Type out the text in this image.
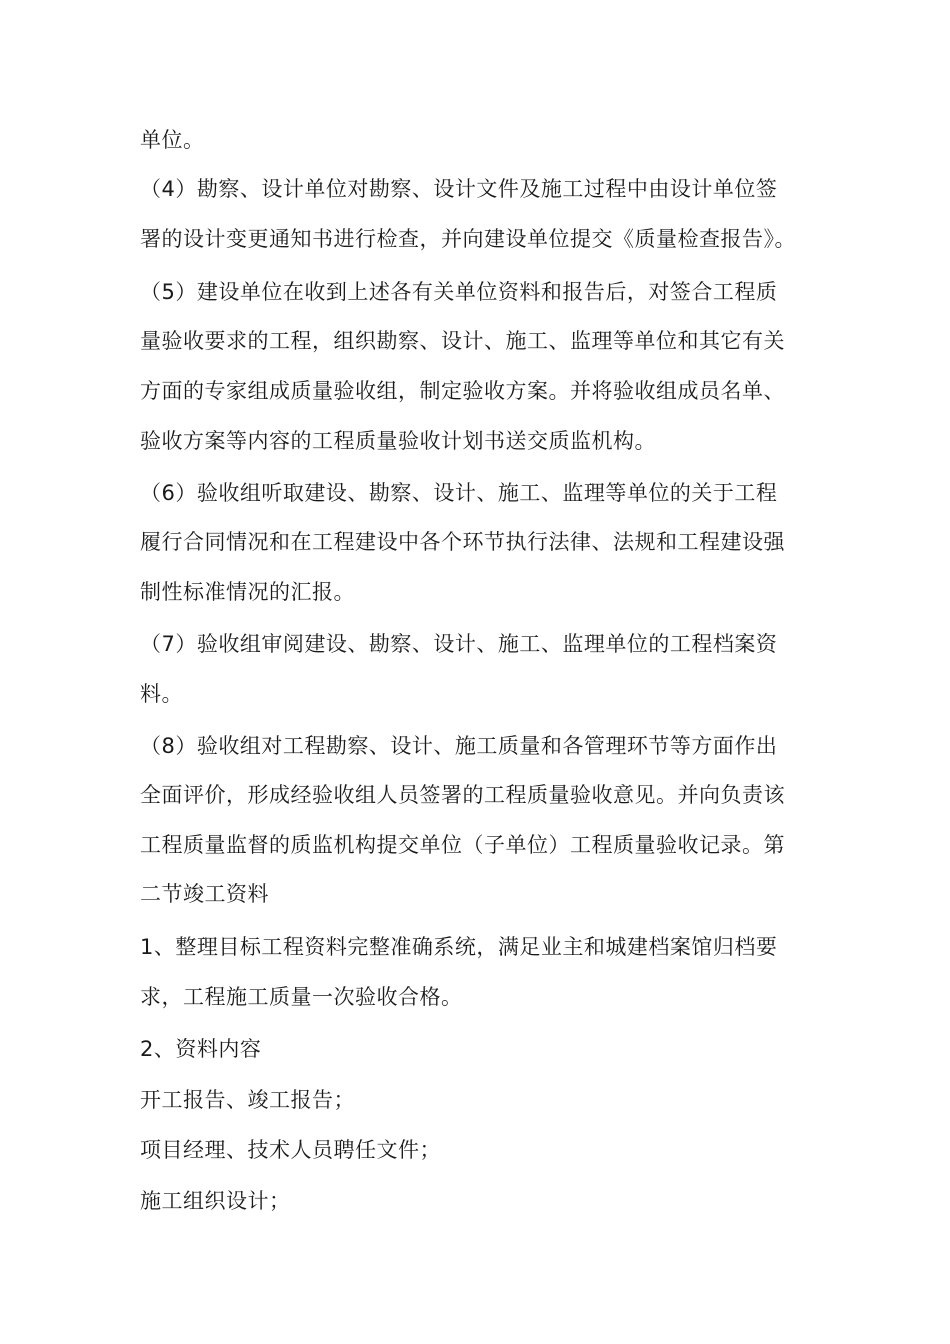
单位。
（4）勘察、设计单位对勘察、设计文件及施工过程中由设计单位签
署的设计变更通知书进行检查，并向建设单位提交《质量检查报告》。
（5）建设单位在收到上述各有关单位资料和报告后，对签合工程质
量验收要求的工程，组织勘察、设计、施工、监理等单位和其它有关
方面的专家组成质量验收组，制定验收方案。并将验收组成员名单、
验收方案等内容的工程质量验收计划书送交质监机构。
（6）验收组听取建设、勘察、设计、施工、监理等单位的关于工程
履行合同情况和在工程建设中各个环节执行法律、法规和工程建设强
制性标准情况的汇报。
（7）验收组审阅建设、勘察、设计、施工、监理单位的工程档案资
料。
（8）验收组对工程勘察、设计、施工质量和各管理环节等方面作出
全面评价，形成经验收组人员签署的工程质量验收意见。并向负责该
工程质量监督的质监机构提交单位（子单位）工程质量验收记录。第
二节竣工资料
1、整理目标工程资料完整准确系统，满足业主和城建档案馆归档要
求，工程施工质量一次验收合格。
2、资料内容
开工报告、竣工报告；
项目经理、技术人员聘任文件；
施工组织设计；
